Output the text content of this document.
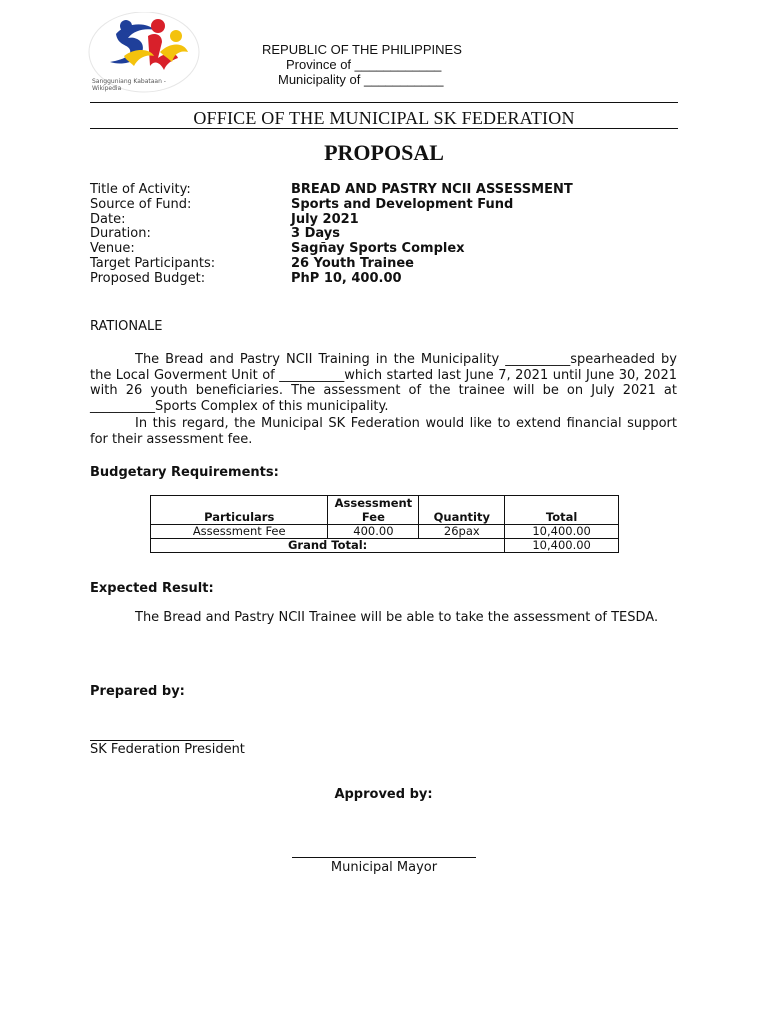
Sangguniang Kabataan - Wikipedia
REPUBLIC OF THE PHILIPPINES
Province of ____________
Municipality of ___________
OFFICE OF THE MUNICIPAL SK FEDERATION
PROPOSAL
Title of Activity:	BREAD AND PASTRY NCII ASSESSMENT
Source of Fund:	Sports and Development Fund
Date:	July 2021
Duration:	3 Days
Venue:	Sagñay Sports Complex
Target Participants:	26 Youth Trainee
Proposed Budget:	PhP 10, 400.00
RATIONALE
The Bread and Pastry NCII Training in the Municipality __________spearheaded by the Local Goverment Unit of __________which started last June 7, 2021 until June 30, 2021 with 26 youth beneficiaries. The assessment of the trainee will be on July 2021 at __________Sports Complex of this municipality.
In this regard, the Municipal SK Federation would like to extend financial support for their assessment fee.
Budgetary Requirements:
Particulars	Assessment Fee	Quantity	Total
Assessment Fee	400.00	26pax	10,400.00
Grand Total:			10,400.00
Expected Result:
The Bread and Pastry NCII Trainee will be able to take the assessment of TESDA.
Prepared by:
SK Federation President
Approved by:
Municipal Mayor
